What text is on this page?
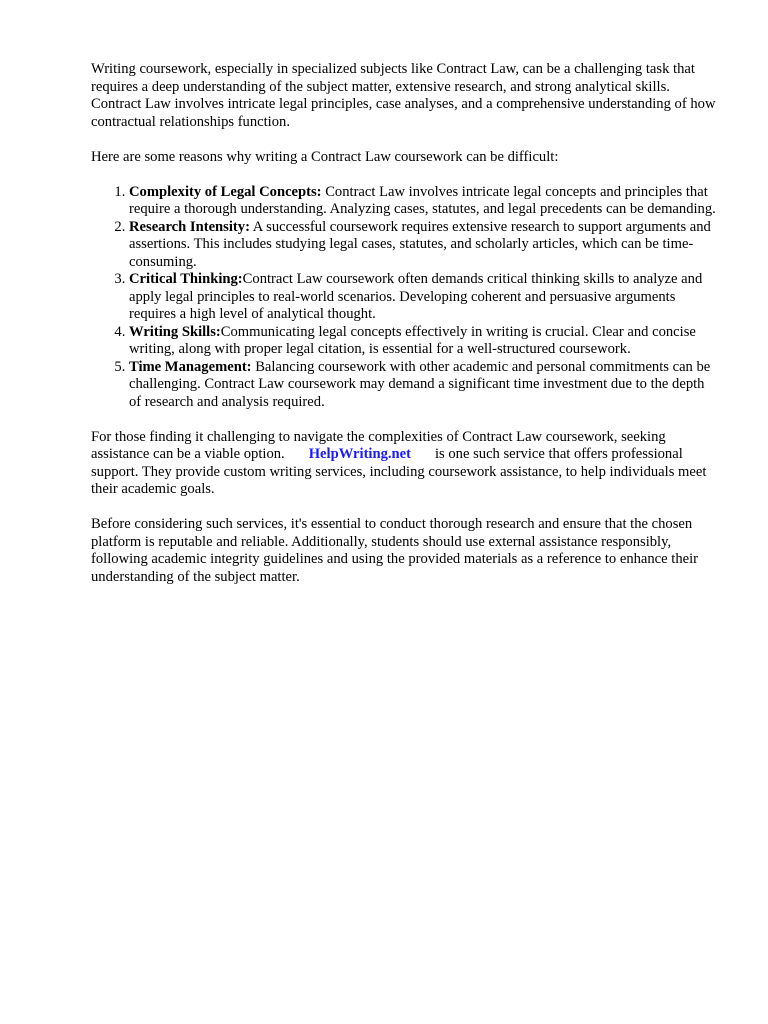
Writing coursework, especially in specialized subjects like Contract Law, can be a challenging task that requires a deep understanding of the subject matter, extensive research, and strong analytical skills. Contract Law involves intricate legal principles, case analyses, and a comprehensive understanding of how contractual relationships function.

Here are some reasons why writing a Contract Law coursework can be difficult:

1. Complexity of Legal Concepts: Contract Law involves intricate legal concepts and principles that require a thorough understanding. Analyzing cases, statutes, and legal precedents can be demanding.
2. Research Intensity: A successful coursework requires extensive research to support arguments and assertions. This includes studying legal cases, statutes, and scholarly articles, which can be time-consuming.
3. Critical Thinking:Contract Law coursework often demands critical thinking skills to analyze and apply legal principles to real-world scenarios. Developing coherent and persuasive arguments requires a high level of analytical thought.
4. Writing Skills:Communicating legal concepts effectively in writing is crucial. Clear and concise writing, along with proper legal citation, is essential for a well-structured coursework.
5. Time Management: Balancing coursework with other academic and personal commitments can be challenging. Contract Law coursework may demand a significant time investment due to the depth of research and analysis required.

For those finding it challenging to navigate the complexities of Contract Law coursework, seeking assistance can be a viable option. HelpWriting.net is one such service that offers professional support. They provide custom writing services, including coursework assistance, to help individuals meet their academic goals.

Before considering such services, it's essential to conduct thorough research and ensure that the chosen platform is reputable and reliable. Additionally, students should use external assistance responsibly, following academic integrity guidelines and using the provided materials as a reference to enhance their understanding of the subject matter.
